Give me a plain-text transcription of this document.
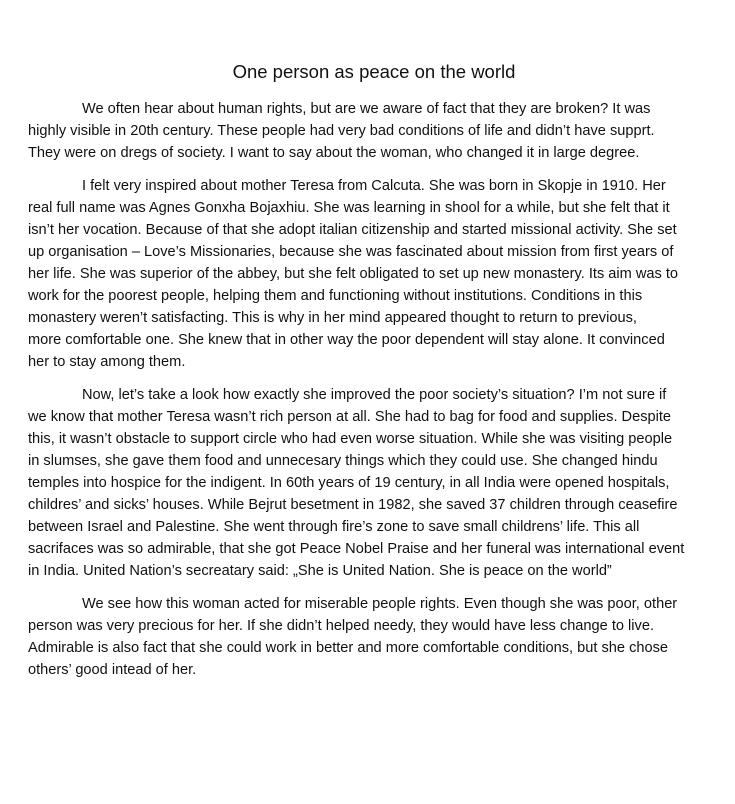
One person as peace on the world

We often hear about human rights, but are we aware of fact that they are broken? It was
highly visible in 20th century. These people had very bad conditions of life and didn’t have supprt.
They were on dregs of society. I want to say about the woman, who changed it in large degree.

I felt very inspired about mother Teresa from Calcuta. She was born in Skopje in 1910. Her
real full name was Agnes Gonxha Bojaxhiu. She was learning in shool for a while, but she felt that it
isn’t her vocation. Because of that she adopt italian citizenship and started missional activity. She set
up organisation – Love’s Missionaries, because she was fascinated about mission from first years of
her life. She was superior of the abbey, but she felt obligated to set up new monastery. Its aim was to
work for the poorest people, helping them and functioning without institutions. Conditions in this
monastery weren’t satisfacting. This is why in her mind appeared thought to return to previous,
more comfortable one. She knew that in other way the poor dependent will stay alone. It convinced
her to stay among them.

Now, let’s take a look how exactly she improved the poor society’s situation? I’m not sure if
we know that mother Teresa wasn’t rich person at all. She had to bag for food and supplies. Despite
this, it wasn’t obstacle to support circle who had even worse situation. While she was visiting people
in slumses, she gave them food and unnecesary things which they could use. She changed hindu
temples into hospice for the indigent. In 60th years of 19 century, in all India were opened hospitals,
childres’ and sicks’ houses. While Bejrut besetment in 1982, she saved 37 children through ceasefire
between Israel and Palestine. She went through fire’s zone to save small childrens’ life. This all
sacrifaces was so admirable, that she got Peace Nobel Praise and her funeral was international event
in India. United Nation’s secreatary said: „She is United Nation. She is peace on the world”

We see how this woman acted for miserable people rights. Even though she was poor, other
person was very precious for her. If she didn’t helped needy, they would have less change to live.
Admirable is also fact that she could work in better and more comfortable conditions, but she chose
others’ good intead of her.
